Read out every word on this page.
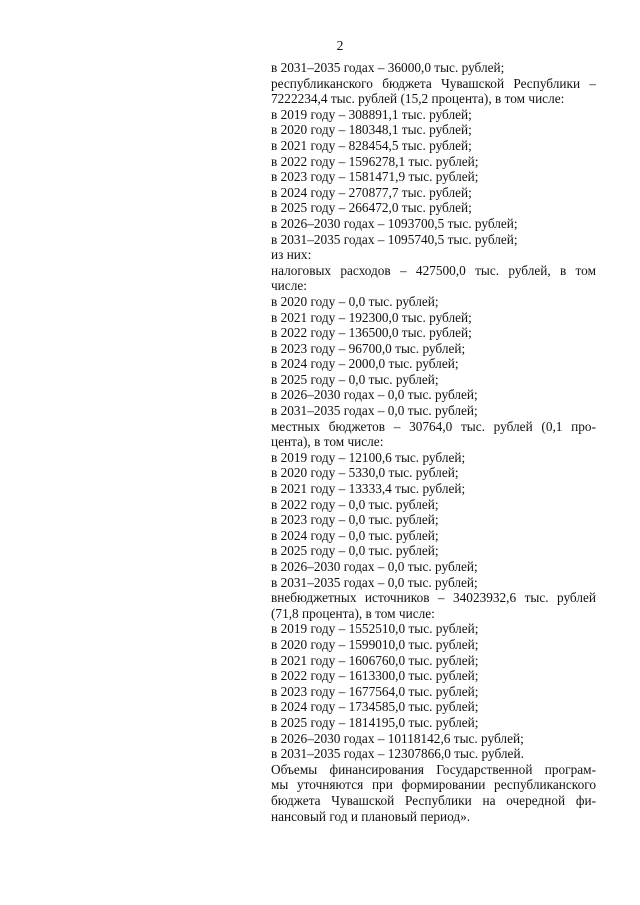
2
в 2031–2035 годах – 36000,0 тыс. рублей;
республиканского бюджета Чувашской Республики –
7222234,4 тыс. рублей (15,2 процента), в том числе:
в 2019 году – 308891,1 тыс. рублей;
в 2020 году – 180348,1 тыс. рублей;
в 2021 году – 828454,5 тыс. рублей;
в 2022 году – 1596278,1 тыс. рублей;
в 2023 году – 1581471,9 тыс. рублей;
в 2024 году – 270877,7 тыс. рублей;
в 2025 году – 266472,0 тыс. рублей;
в 2026–2030 годах – 1093700,5 тыс. рублей;
в 2031–2035 годах – 1095740,5 тыс. рублей;
из них:
налоговых расходов – 427500,0 тыс. рублей, в том
числе:
в 2020 году – 0,0 тыс. рублей;
в 2021 году – 192300,0 тыс. рублей;
в 2022 году – 136500,0 тыс. рублей;
в 2023 году – 96700,0 тыс. рублей;
в 2024 году – 2000,0 тыс. рублей;
в 2025 году – 0,0 тыс. рублей;
в 2026–2030 годах – 0,0 тыс. рублей;
в 2031–2035 годах – 0,0 тыс. рублей;
местных бюджетов – 30764,0 тыс. рублей (0,1 про-
цента), в том числе:
в 2019 году – 12100,6 тыс. рублей;
в 2020 году – 5330,0 тыс. рублей;
в 2021 году – 13333,4 тыс. рублей;
в 2022 году – 0,0 тыс. рублей;
в 2023 году – 0,0 тыс. рублей;
в 2024 году – 0,0 тыс. рублей;
в 2025 году – 0,0 тыс. рублей;
в 2026–2030 годах – 0,0 тыс. рублей;
в 2031–2035 годах – 0,0 тыс. рублей;
внебюджетных источников – 34023932,6 тыс. рублей
(71,8 процента), в том числе:
в 2019 году – 1552510,0 тыс. рублей;
в 2020 году – 1599010,0 тыс. рублей;
в 2021 году – 1606760,0 тыс. рублей;
в 2022 году – 1613300,0 тыс. рублей;
в 2023 году – 1677564,0 тыс. рублей;
в 2024 году – 1734585,0 тыс. рублей;
в 2025 году – 1814195,0 тыс. рублей;
в 2026–2030 годах – 10118142,6 тыс. рублей;
в 2031–2035 годах – 12307866,0 тыс. рублей.
Объемы финансирования Государственной програм-
мы уточняются при формировании республиканского
бюджета Чувашской Республики на очередной фи-
нансовый год и плановый период».
